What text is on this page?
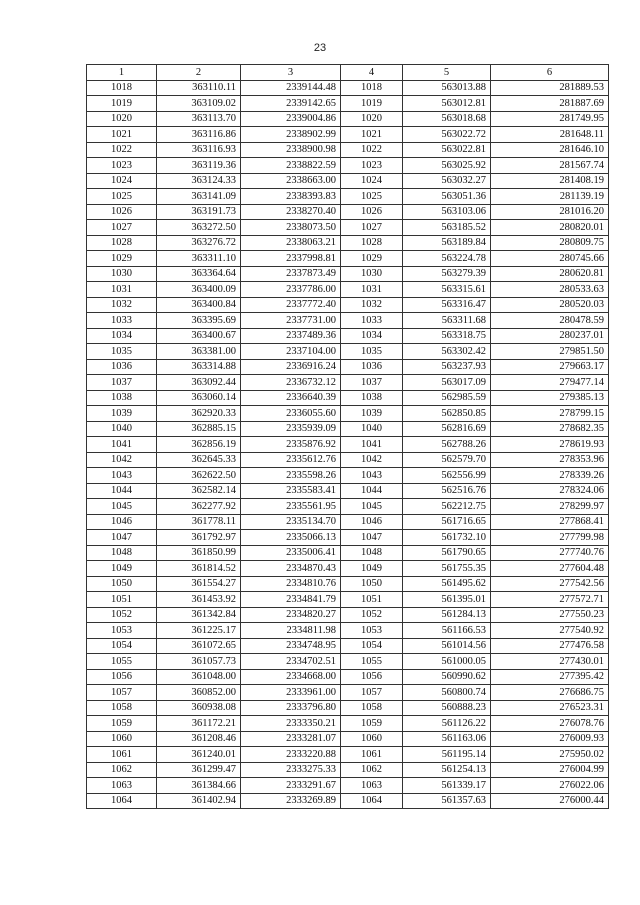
23
1	2	3	4	5	6
1018	363110.11	2339144.48	1018	563013.88	281889.53
1019	363109.02	2339142.65	1019	563012.81	281887.69
1020	363113.70	2339004.86	1020	563018.68	281749.95
1021	363116.86	2338902.99	1021	563022.72	281648.11
1022	363116.93	2338900.98	1022	563022.81	281646.10
1023	363119.36	2338822.59	1023	563025.92	281567.74
1024	363124.33	2338663.00	1024	563032.27	281408.19
1025	363141.09	2338393.83	1025	563051.36	281139.19
1026	363191.73	2338270.40	1026	563103.06	281016.20
1027	363272.50	2338073.50	1027	563185.52	280820.01
1028	363276.72	2338063.21	1028	563189.84	280809.75
1029	363311.10	2337998.81	1029	563224.78	280745.66
1030	363364.64	2337873.49	1030	563279.39	280620.81
1031	363400.09	2337786.00	1031	563315.61	280533.63
1032	363400.84	2337772.40	1032	563316.47	280520.03
1033	363395.69	2337731.00	1033	563311.68	280478.59
1034	363400.67	2337489.36	1034	563318.75	280237.01
1035	363381.00	2337104.00	1035	563302.42	279851.50
1036	363314.88	2336916.24	1036	563237.93	279663.17
1037	363092.44	2336732.12	1037	563017.09	279477.14
1038	363060.14	2336640.39	1038	562985.59	279385.13
1039	362920.33	2336055.60	1039	562850.85	278799.15
1040	362885.15	2335939.09	1040	562816.69	278682.35
1041	362856.19	2335876.92	1041	562788.26	278619.93
1042	362645.33	2335612.76	1042	562579.70	278353.96
1043	362622.50	2335598.26	1043	562556.99	278339.26
1044	362582.14	2335583.41	1044	562516.76	278324.06
1045	362277.92	2335561.95	1045	562212.75	278299.97
1046	361778.11	2335134.70	1046	561716.65	277868.41
1047	361792.97	2335066.13	1047	561732.10	277799.98
1048	361850.99	2335006.41	1048	561790.65	277740.76
1049	361814.52	2334870.43	1049	561755.35	277604.48
1050	361554.27	2334810.76	1050	561495.62	277542.56
1051	361453.92	2334841.79	1051	561395.01	277572.71
1052	361342.84	2334820.27	1052	561284.13	277550.23
1053	361225.17	2334811.98	1053	561166.53	277540.92
1054	361072.65	2334748.95	1054	561014.56	277476.58
1055	361057.73	2334702.51	1055	561000.05	277430.01
1056	361048.00	2334668.00	1056	560990.62	277395.42
1057	360852.00	2333961.00	1057	560800.74	276686.75
1058	360938.08	2333796.80	1058	560888.23	276523.31
1059	361172.21	2333350.21	1059	561126.22	276078.76
1060	361208.46	2333281.07	1060	561163.06	276009.93
1061	361240.01	2333220.88	1061	561195.14	275950.02
1062	361299.47	2333275.33	1062	561254.13	276004.99
1063	361384.66	2333291.67	1063	561339.17	276022.06
1064	361402.94	2333269.89	1064	561357.63	276000.44
